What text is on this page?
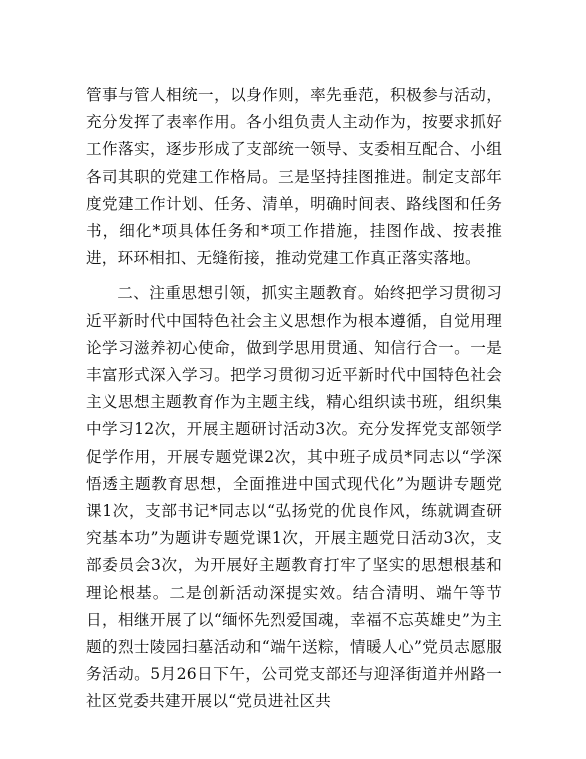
管事与管人相统一，以身作则，率先垂范，积极参与活动，充分发挥了表率作用。各小组负责人主动作为，按要求抓好工作落实，逐步形成了支部统一领导、支委相互配合、小组各司其职的党建工作格局。三是坚持挂图推进。制定支部年度党建工作计划、任务、清单，明确时间表、路线图和任务书，细化*项具体任务和*项工作措施，挂图作战、按表推进，环环相扣、无缝衔接，推动党建工作真正落实落地。

二、注重思想引领，抓实主题教育。始终把学习贯彻习近平新时代中国特色社会主义思想作为根本遵循，自觉用理论学习滋养初心使命，做到学思用贯通、知信行合一。一是丰富形式深入学习。把学习贯彻习近平新时代中国特色社会主义思想主题教育作为主题主线，精心组织读书班，组织集中学习12次，开展主题研讨活动3次。充分发挥党支部领学促学作用，开展专题党课2次，其中班子成员*同志以“学深悟透主题教育思想，全面推进中国式现代化”为题讲专题党课1次，支部书记*同志以“弘扬党的优良作风，练就调查研究基本功”为题讲专题党课1次，开展主题党日活动3次，支部委员会3次，为开展好主题教育打牢了坚实的思想根基和理论根基。二是创新活动深提实效。结合清明、端午等节日，相继开展了以“缅怀先烈爱国魂，幸福不忘英雄史”为主题的烈士陵园扫墓活动和“端午送粽，情暖人心”党员志愿服务活动。5月26日下午，公司党支部还与迎泽街道并州路一社区党委共建开展以“党员进社区共
